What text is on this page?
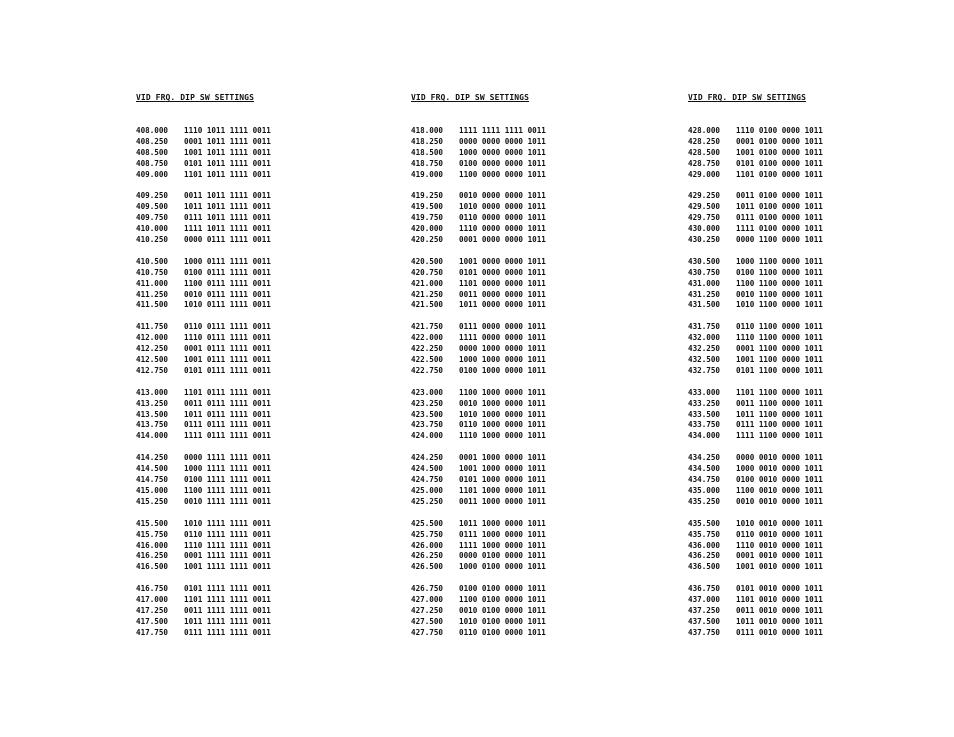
VID FRQ. DIP SW SETTINGS
408.000	1110 1011 1111 0011
408.250	0001 1011 1111 0011
408.500	1001 1011 1111 0011
408.750	0101 1011 1111 0011
409.000	1101 1011 1111 0011
409.250	0011 1011 1111 0011
409.500	1011 1011 1111 0011
409.750	0111 1011 1111 0011
410.000	1111 1011 1111 0011
410.250	0000 0111 1111 0011
410.500	1000 0111 1111 0011
410.750	0100 0111 1111 0011
411.000	1100 0111 1111 0011
411.250	0010 0111 1111 0011
411.500	1010 0111 1111 0011
411.750	0110 0111 1111 0011
412.000	1110 0111 1111 0011
412.250	0001 0111 1111 0011
412.500	1001 0111 1111 0011
412.750	0101 0111 1111 0011
413.000	1101 0111 1111 0011
413.250	0011 0111 1111 0011
413.500	1011 0111 1111 0011
413.750	0111 0111 1111 0011
414.000	1111 0111 1111 0011
414.250	0000 1111 1111 0011
414.500	1000 1111 1111 0011
414.750	0100 1111 1111 0011
415.000	1100 1111 1111 0011
415.250	0010 1111 1111 0011
415.500	1010 1111 1111 0011
415.750	0110 1111 1111 0011
416.000	1110 1111 1111 0011
416.250	0001 1111 1111 0011
416.500	1001 1111 1111 0011
416.750	0101 1111 1111 0011
417.000	1101 1111 1111 0011
417.250	0011 1111 1111 0011
417.500	1011 1111 1111 0011
417.750	0111 1111 1111 0011
VID FRQ. DIP SW SETTINGS
418.000	1111 1111 1111 0011
418.250	0000 0000 0000 1011
418.500	1000 0000 0000 1011
418.750	0100 0000 0000 1011
419.000	1100 0000 0000 1011
419.250	0010 0000 0000 1011
419.500	1010 0000 0000 1011
419.750	0110 0000 0000 1011
420.000	1110 0000 0000 1011
420.250	0001 0000 0000 1011
420.500	1001 0000 0000 1011
420.750	0101 0000 0000 1011
421.000	1101 0000 0000 1011
421.250	0011 0000 0000 1011
421.500	1011 0000 0000 1011
421.750	0111 0000 0000 1011
422.000	1111 0000 0000 1011
422.250	0000 1000 0000 1011
422.500	1000 1000 0000 1011
422.750	0100 1000 0000 1011
423.000	1100 1000 0000 1011
423.250	0010 1000 0000 1011
423.500	1010 1000 0000 1011
423.750	0110 1000 0000 1011
424.000	1110 1000 0000 1011
424.250	0001 1000 0000 1011
424.500	1001 1000 0000 1011
424.750	0101 1000 0000 1011
425.000	1101 1000 0000 1011
425.250	0011 1000 0000 1011
425.500	1011 1000 0000 1011
425.750	0111 1000 0000 1011
426.000	1111 1000 0000 1011
426.250	0000 0100 0000 1011
426.500	1000 0100 0000 1011
426.750	0100 0100 0000 1011
427.000	1100 0100 0000 1011
427.250	0010 0100 0000 1011
427.500	1010 0100 0000 1011
427.750	0110 0100 0000 1011
VID FRQ. DIP SW SETTINGS
428.000	1110 0100 0000 1011
428.250	0001 0100 0000 1011
428.500	1001 0100 0000 1011
428.750	0101 0100 0000 1011
429.000	1101 0100 0000 1011
429.250	0011 0100 0000 1011
429.500	1011 0100 0000 1011
429.750	0111 0100 0000 1011
430.000	1111 0100 0000 1011
430.250	0000 1100 0000 1011
430.500	1000 1100 0000 1011
430.750	0100 1100 0000 1011
431.000	1100 1100 0000 1011
431.250	0010 1100 0000 1011
431.500	1010 1100 0000 1011
431.750	0110 1100 0000 1011
432.000	1110 1100 0000 1011
432.250	0001 1100 0000 1011
432.500	1001 1100 0000 1011
432.750	0101 1100 0000 1011
433.000	1101 1100 0000 1011
433.250	0011 1100 0000 1011
433.500	1011 1100 0000 1011
433.750	0111 1100 0000 1011
434.000	1111 1100 0000 1011
434.250	0000 0010 0000 1011
434.500	1000 0010 0000 1011
434.750	0100 0010 0000 1011
435.000	1100 0010 0000 1011
435.250	0010 0010 0000 1011
435.500	1010 0010 0000 1011
435.750	0110 0010 0000 1011
436.000	1110 0010 0000 1011
436.250	0001 0010 0000 1011
436.500	1001 0010 0000 1011
436.750	0101 0010 0000 1011
437.000	1101 0010 0000 1011
437.250	0011 0010 0000 1011
437.500	1011 0010 0000 1011
437.750	0111 0010 0000 1011
